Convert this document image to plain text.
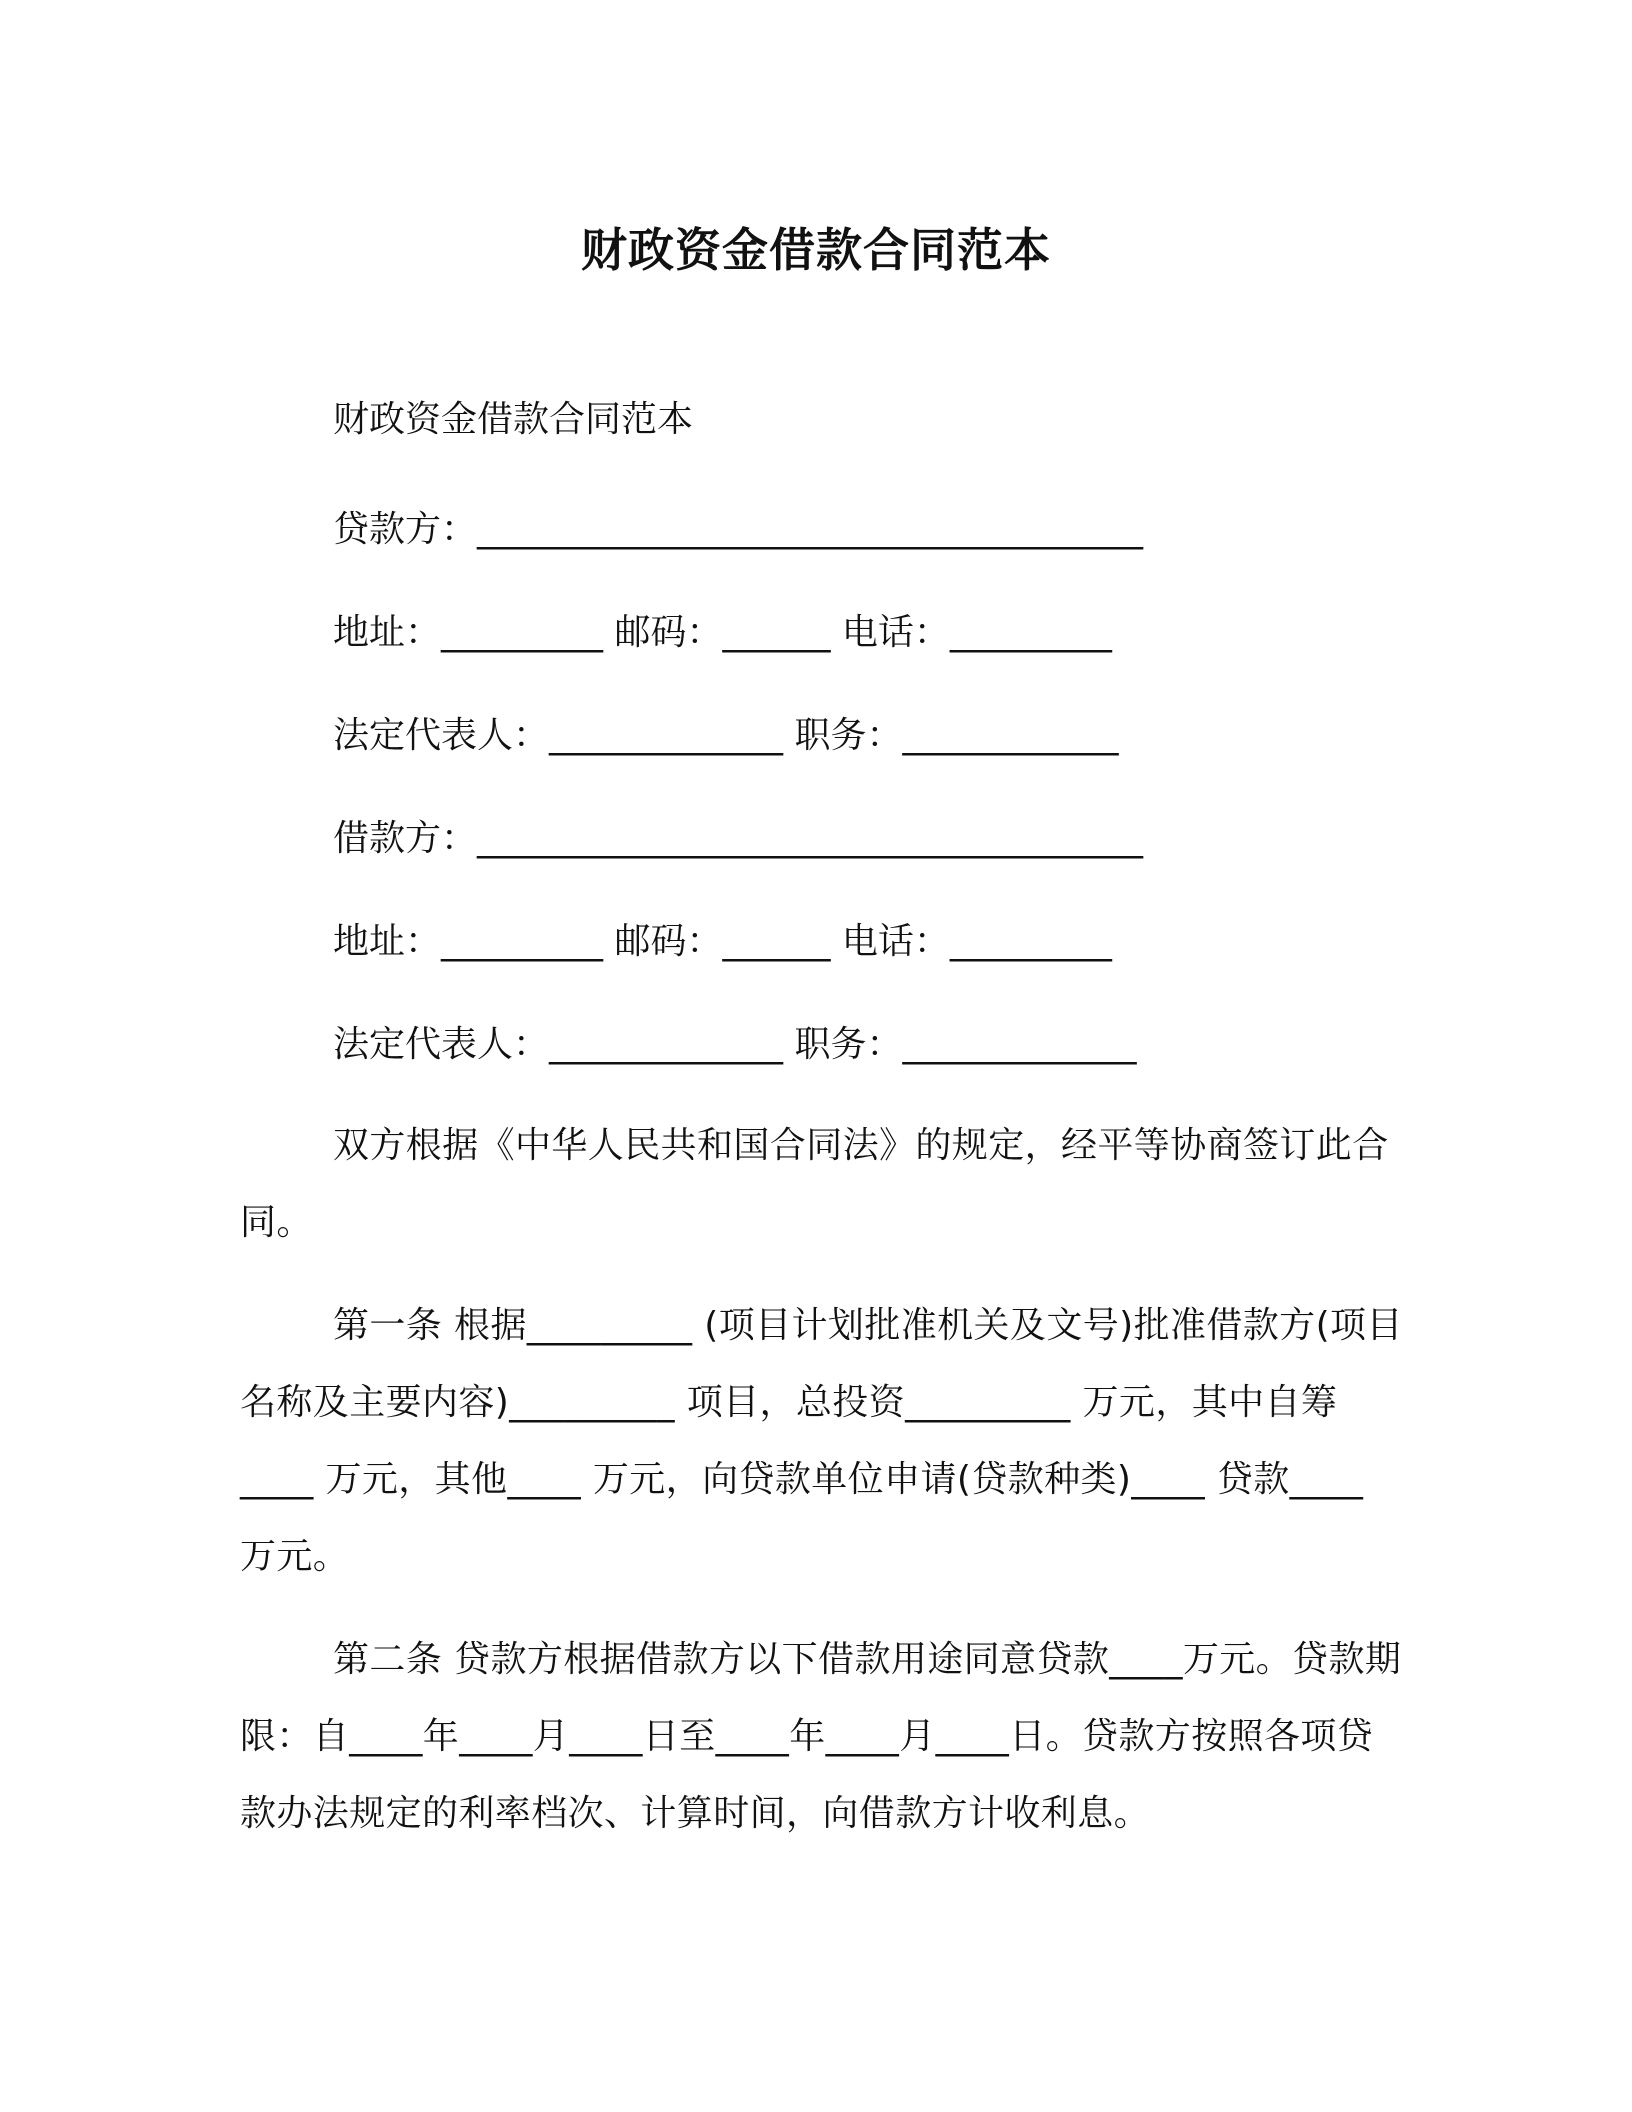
财政资金借款合同范本
财政资金借款合同范本
贷款方：_____________________________________
地址：_________ 邮码：______ 电话：_________
法定代表人：_____________ 职务：____________
借款方：_____________________________________
地址：_________ 邮码：______ 电话：_________
法定代表人：_____________ 职务：_____________
双方根据《中华人民共和国合同法》的规定，经平等协商签订此合同。
第一条 根据_________ (项目计划批准机关及文号)批准借款方(项目名称及主要内容)_________ 项目，总投资_________ 万元，其中自筹____ 万元，其他____ 万元，向贷款单位申请(贷款种类)____ 贷款____ 万元。
第二条 贷款方根据借款方以下借款用途同意贷款____万元。贷款期限：自____年____月____日至____年____月____日。贷款方按照各项贷款办法规定的利率档次、计算时间，向借款方计收利息。
